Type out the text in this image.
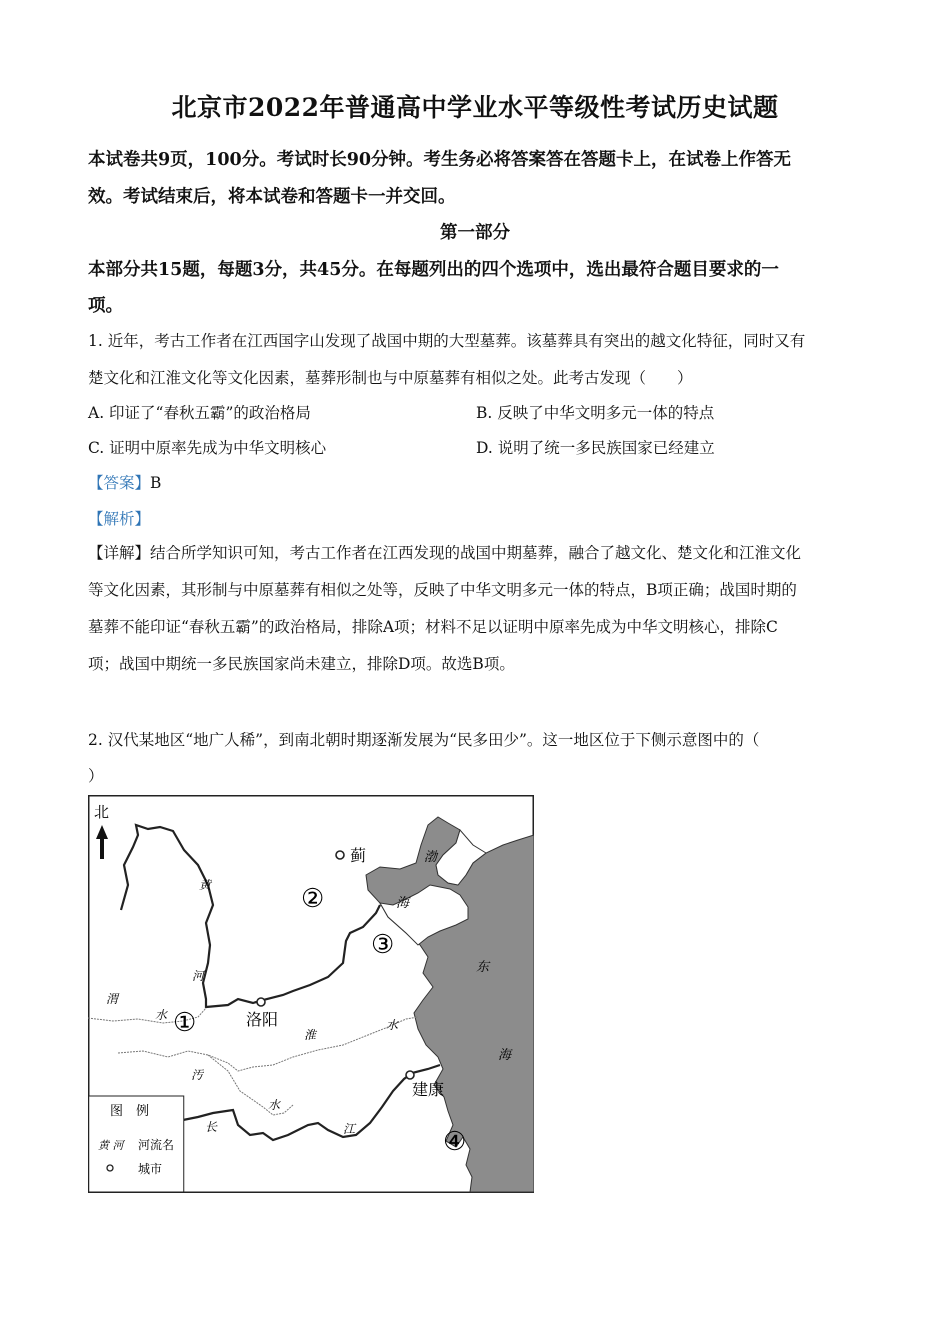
北京市2022年普通高中学业水平等级性考试历史试题
本试卷共9页，100分。考试时长90分钟。考生务必将答案答在答题卡上，在试卷上作答无
效。考试结束后，将本试卷和答题卡一并交回。
第一部分
本部分共15题，每题3分，共45分。在每题列出的四个选项中，选出最符合题目要求的一
项。
1. 近年，考古工作者在江西国字山发现了战国中期的大型墓葬。该墓葬具有突出的越文化特征，同时又有
楚文化和江淮文化等文化因素，墓葬形制也与中原墓葬有相似之处。此考古发现（　　）
A. 印证了“春秋五霸”的政治格局	B. 反映了中华文明多元一体的特点
C. 证明中原率先成为中华文明核心	D. 说明了统一多民族国家已经建立
【答案】B
【解析】
【详解】结合所学知识可知，考古工作者在江西发现的战国中期墓葬，融合了越文化、楚文化和江淮文化
等文化因素，其形制与中原墓葬有相似之处等，反映了中华文明多元一体的特点，B项正确；战国时期的
墓葬不能印证“春秋五霸”的政治格局，排除A项；材料不足以证明中原率先成为中华文明核心，排除C
项；战国中期统一多民族国家尚未建立，排除D项。故选B项。
2. 汉代某地区“地广人稀”，到南北朝时期逐渐发展为“民多田少”。这一地区位于下侧示意图中的（
）
蓟
洛阳
建康
①
②
③
④
渤
海
东
海
黄
河
渭
水
淮
水
汚
水
长	江
北
图　例
黄 河 河流名
城市
